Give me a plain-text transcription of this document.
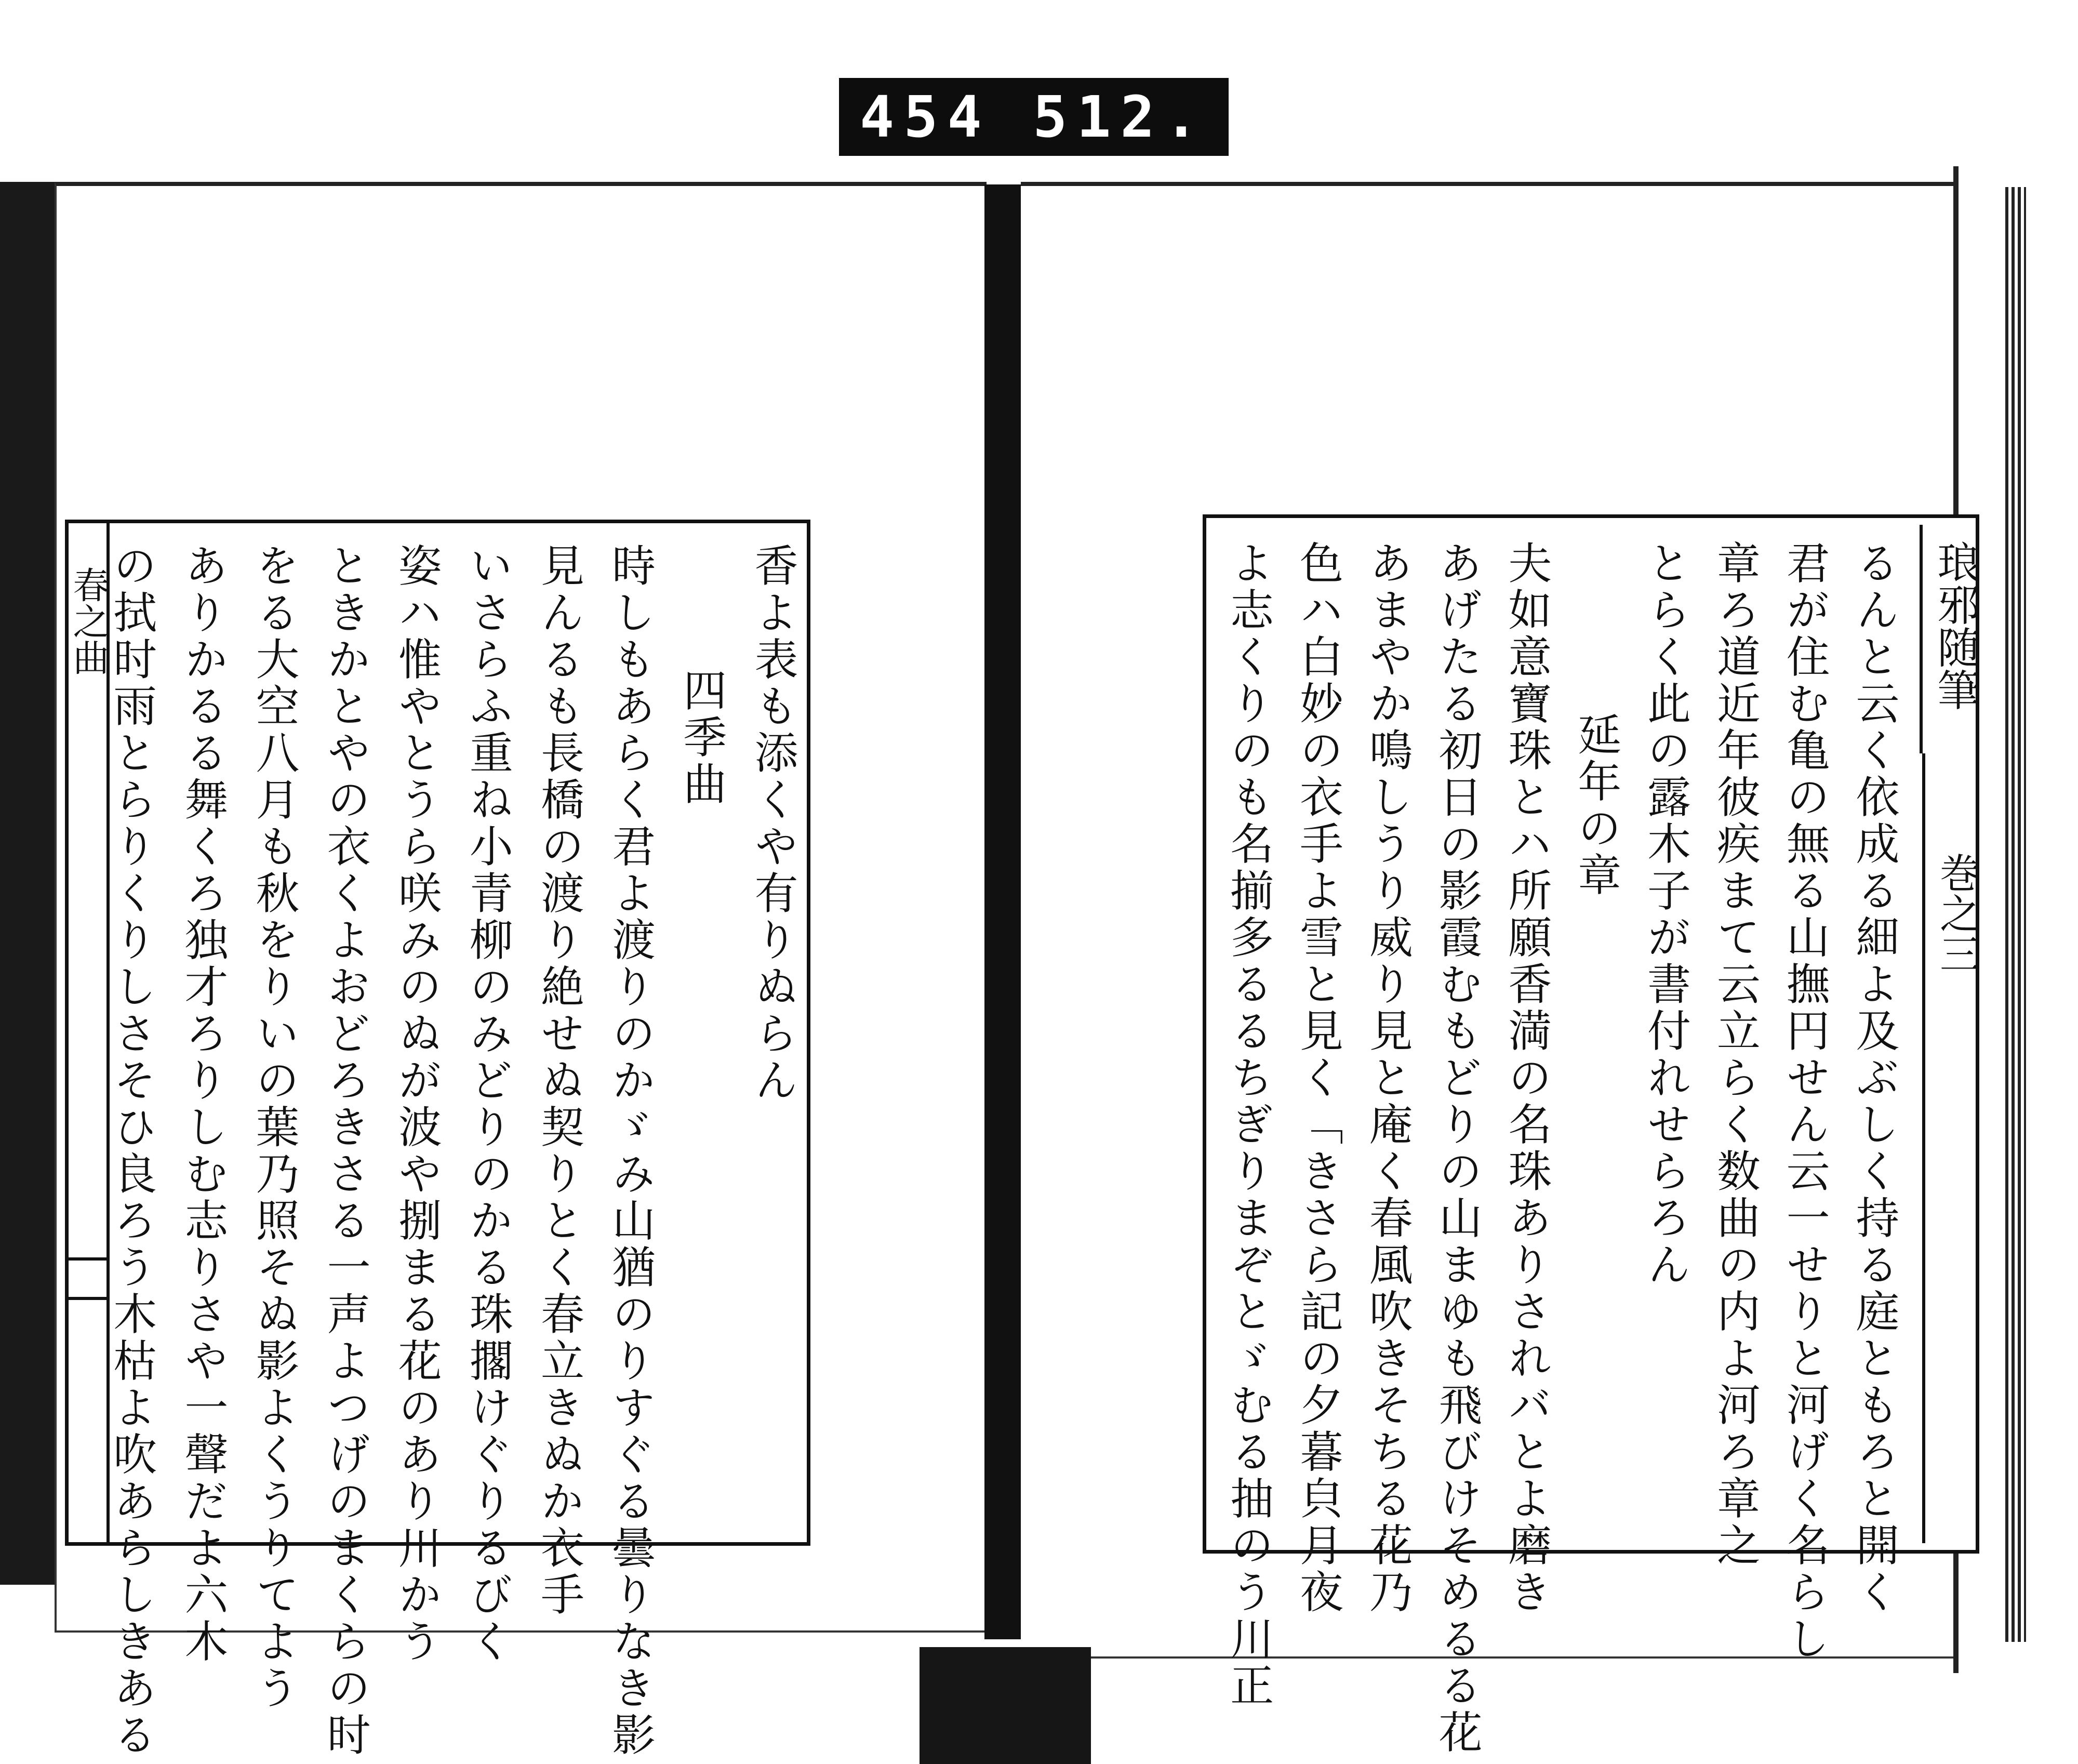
454 512.
春之曲	香よ表も添くや有りぬらん
四季曲
時しもあらく君よ渡りのかゞみ山猶のりすぐる曇りなき影
見んるも長橋の渡り絶せぬ契りとく春立きぬか衣手
いさらふ重ね小青柳のみどりのかる珠擱けぐりるびく
姿ハ惟やとうら咲みのぬが波や捌まる花のあり川かう
ときかとやの衣くよおどろきさる一声よつげのまくらの时
をる大空八月も秋をりいの葉乃照そぬ影よくうりてよう
ありかるる舞くろ独才ろりしむ志りさや一聲だよ六木
の拭时雨とらりくりしさそひ良ろう木枯よ吹あらしきある	琅邪随筆
巻之三
るんと云く依成る細よ及ぶしく持る庭ともろと開く
君が住む亀の無る山撫円せん云一せりと河げく名らし
章ろ道近年彼疾まて云立らく数曲の内よ河ろ章之
とらく此の露木子が書付れせらろん
延年の章
夫如意寶珠とハ所願香満の名珠ありされバとよ磨き
あげたる初日の影霞むもどりの山まゆも飛びけそめるる花
あまやか鳴しうり威り見と庵く春風吹きそちる花乃
色ハ白妙の衣手よ雪と見く「きさら記の夕暮㒵月夜
よ志くりのも名揃多るるちぎりまぞとゞむる抽のう川正
